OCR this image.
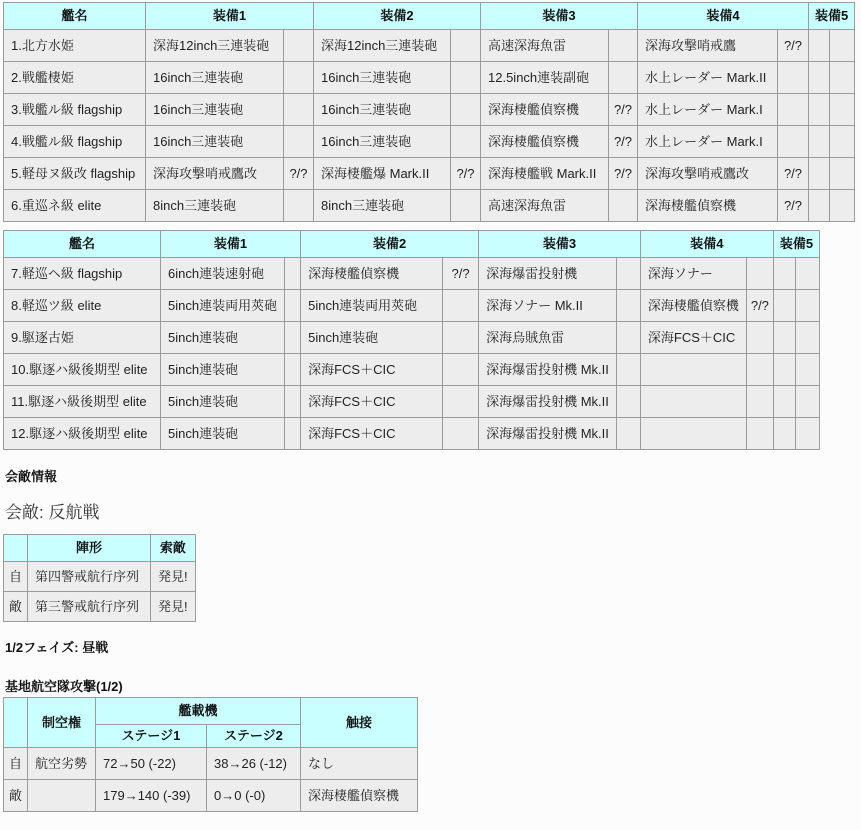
艦名	装備1		装備2		装備3		装備4		装備5	
1.北方水姫	深海12inch三連装砲		深海12inch三連装砲		高速深海魚雷		深海攻撃哨戒鷹	?/?		
2.戦艦棲姫	16inch三連装砲		16inch三連装砲		12.5inch連装副砲		水上レーダー Mark.II			
3.戦艦ル級 flagship	16inch三連装砲		16inch三連装砲		深海棲艦偵察機	?/?	水上レーダー Mark.I			
4.戦艦ル級 flagship	16inch三連装砲		16inch三連装砲		深海棲艦偵察機	?/?	水上レーダー Mark.I			
5.軽母ヌ級改 flagship	深海攻撃哨戒鷹改	?/?	深海棲艦爆 Mark.II	?/?	深海棲艦戦 Mark.II	?/?	深海攻撃哨戒鷹改	?/?		
6.重巡ネ級 elite	8inch三連装砲		8inch三連装砲		高速深海魚雷		深海棲艦偵察機	?/?		
艦名	装備1		装備2		装備3		装備4		装備5	
7.軽巡ヘ級 flagship	6inch連装速射砲		深海棲艦偵察機	?/?	深海爆雷投射機		深海ソナー			
8.軽巡ツ級 elite	5inch連装両用莢砲		5inch連装両用莢砲		深海ソナー Mk.II		深海棲艦偵察機	?/?		
9.駆逐古姫	5inch連装砲		5inch連装砲		深海烏賊魚雷		深海FCS＋CIC			
10.駆逐ハ級後期型 elite	5inch連装砲		深海FCS＋CIC		深海爆雷投射機 Mk.II					
11.駆逐ハ級後期型 elite	5inch連装砲		深海FCS＋CIC		深海爆雷投射機 Mk.II					
12.駆逐ハ級後期型 elite	5inch連装砲		深海FCS＋CIC		深海爆雷投射機 Mk.II					
会敵情報
会敵: 反航戦
	陣形	索敵
自	第四警戒航行序列	発見!
敵	第三警戒航行序列	発見!
1/2フェイズ: 昼戦
基地航空隊攻撃(1/2)
	制空権	艦載機		触接
		ステージ1	ステージ2	
自	航空劣勢	72→50 (-22)	38→26 (-12)	なし
敵		179→140 (-39)	0→0 (-0)	深海棲艦偵察機
